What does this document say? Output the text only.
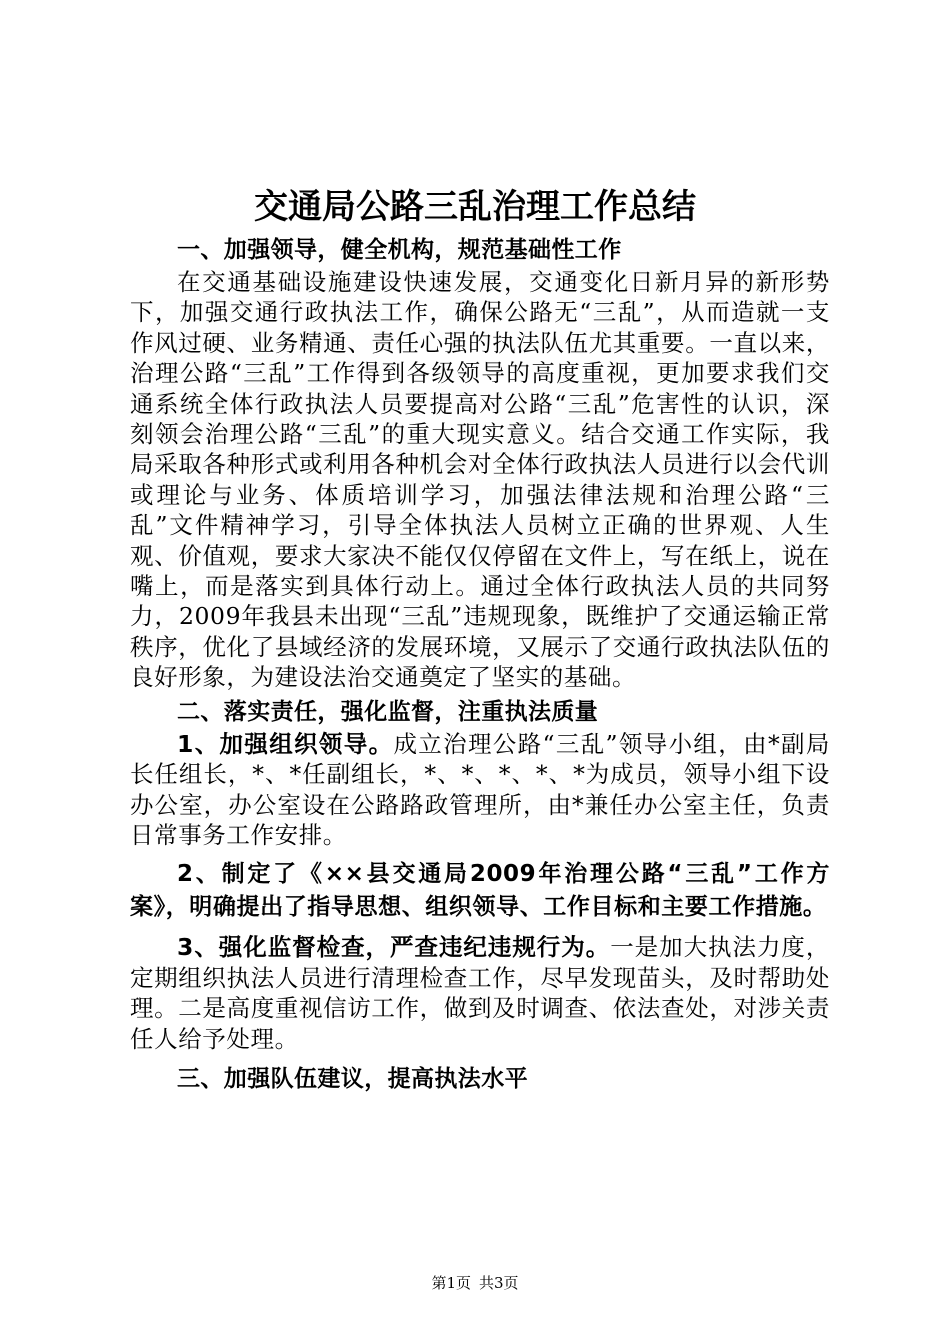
交通局公路三乱治理工作总结

一、加强领导，健全机构，规范基础性工作

在交通基础设施建设快速发展，交通变化日新月异的新形势下，加强交通行政执法工作，确保公路无“三乱”，从而造就一支作风过硬、业务精通、责任心强的执法队伍尤其重要。一直以来，治理公路“三乱”工作得到各级领导的高度重视，更加要求我们交通系统全体行政执法人员要提高对公路“三乱”危害性的认识，深刻领会治理公路“三乱”的重大现实意义。结合交通工作实际，我局采取各种形式或利用各种机会对全体行政执法人员进行以会代训或理论与业务、体质培训学习，加强法律法规和治理公路“三乱”文件精神学习，引导全体执法人员树立正确的世界观、人生观、价值观，要求大家决不能仅仅停留在文件上，写在纸上，说在嘴上，而是落实到具体行动上。通过全体行政执法人员的共同努力，2009年我县未出现“三乱”违规现象，既维护了交通运输正常秩序，优化了县域经济的发展环境，又展示了交通行政执法队伍的良好形象，为建设法治交通奠定了坚实的基础。

二、落实责任，强化监督，注重执法质量

1、加强组织领导。成立治理公路“三乱”领导小组，由*副局长任组长，*、*任副组长，*、*、*、*、*为成员，领导小组下设办公室，办公室设在公路路政管理所，由*兼任办公室主任，负责日常事务工作安排。

2、制定了《××县交通局2009年治理公路“三乱”工作方案》，明确提出了指导思想、组织领导、工作目标和主要工作措施。

3、强化监督检查，严查违纪违规行为。一是加大执法力度，定期组织执法人员进行清理检查工作，尽早发现苗头，及时帮助处理。二是高度重视信访工作，做到及时调查、依法查处，对涉关责任人给予处理。

三、加强队伍建议，提高执法水平

第1页 共3页
